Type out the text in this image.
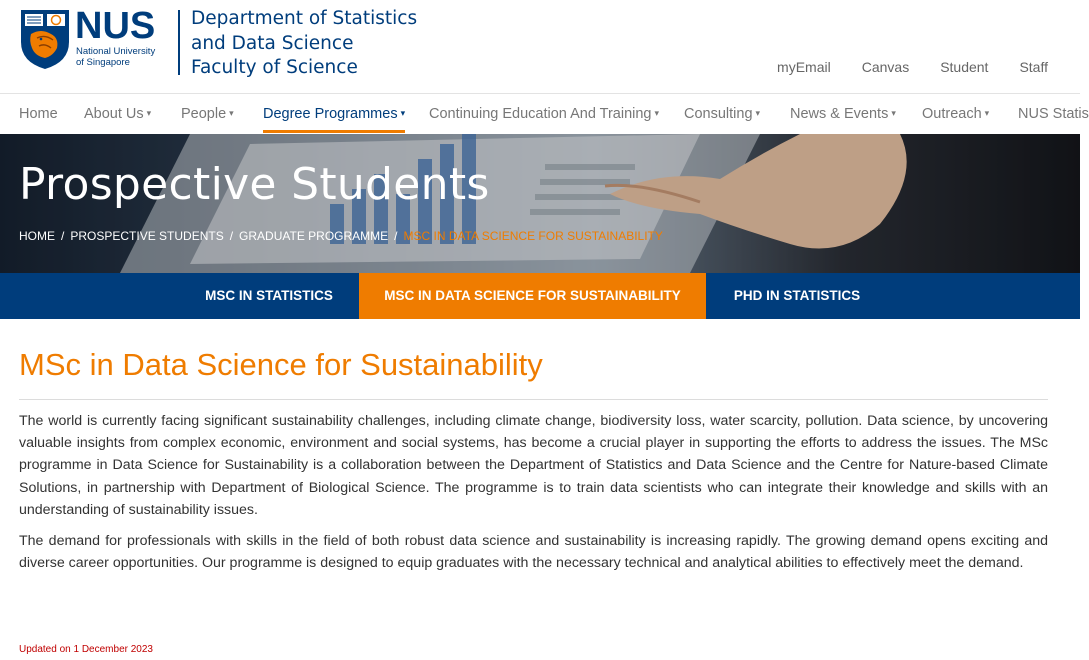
NUS
National University
of Singapore
Department of Statistics
and Data Science
Faculty of Science	myEmail Canvas Student Staff
Home About Us ▾ People ▾ Degree Programmes ▾ Continuing Education And Training ▾ Consulting ▾ News & Events ▾ Outreach ▾ NUS Statis
Prospective Students
HOME / PROSPECTIVE STUDENTS / GRADUATE PROGRAMME / MSC IN DATA SCIENCE FOR SUSTAINABILITY
MSC IN STATISTICS	MSC IN DATA SCIENCE FOR SUSTAINABILITY	PHD IN STATISTICS
MSc in Data Science for Sustainability

The world is currently facing significant sustainability challenges, including climate change, biodiversity loss, water scarcity, pollution. Data science, by uncovering valuable insights from complex economic, environment and social systems, has become a crucial player in supporting the efforts to address the issues. The MSc programme in Data Science for Sustainability is a collaboration between the Department of Statistics and Data Science and the Centre for Nature-based Climate Solutions, in partnership with Department of Biological Science. The programme is to train data scientists who can integrate their knowledge and skills with an understanding of sustainability issues.

The demand for professionals with skills in the field of both robust data science and sustainability is increasing rapidly. The growing demand opens exciting and diverse career opportunities. Our programme is designed to equip graduates with the necessary technical and analytical abilities to effectively meet the demand.

Updated on 1 December 2023
